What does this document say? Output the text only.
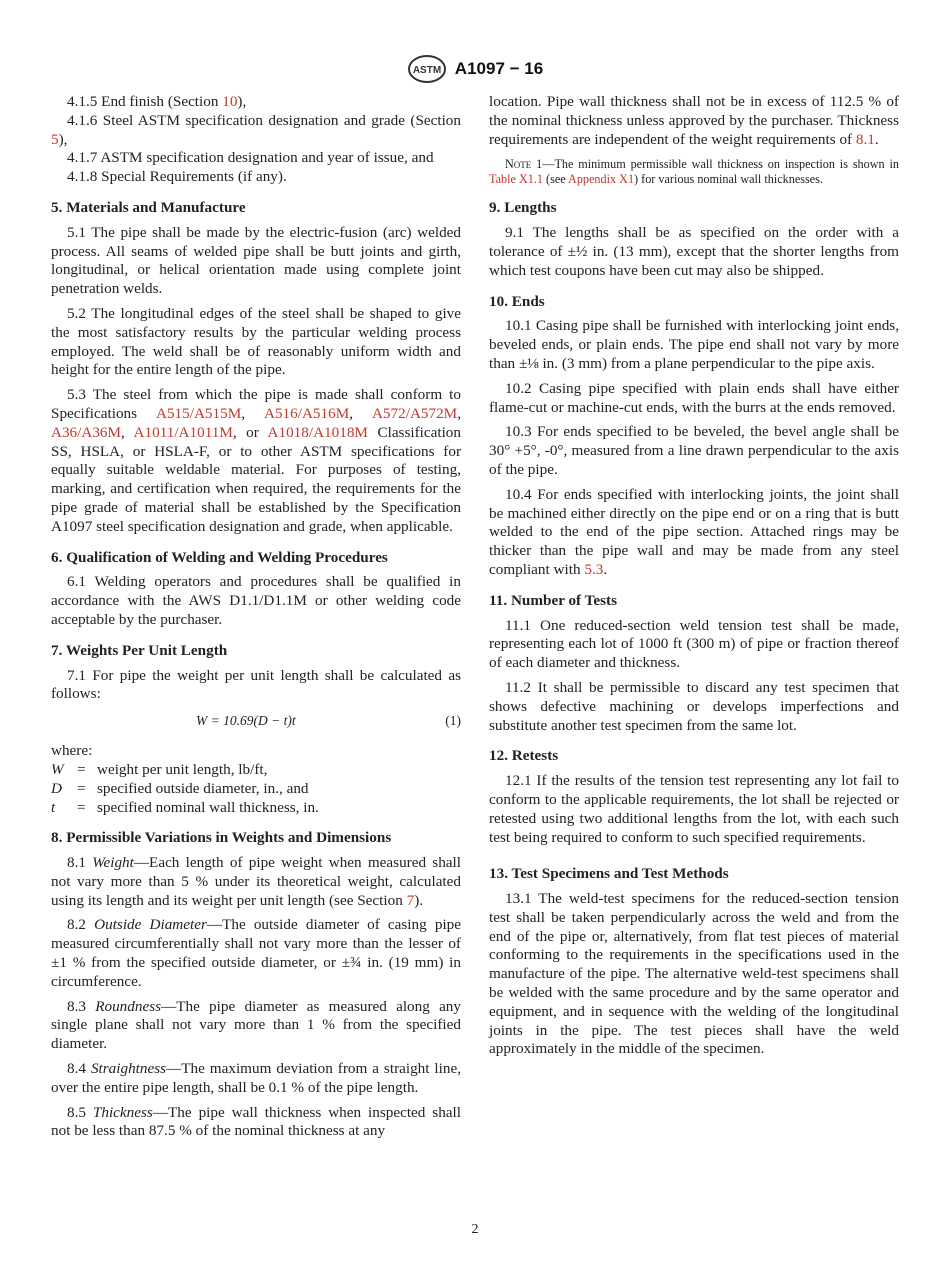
ASTM A1097 − 16

4.1.5 End finish (Section 10),

4.1.6 Steel ASTM specification designation and grade (Section 5),

4.1.7 ASTM specification designation and year of issue, and

4.1.8 Special Requirements (if any).

5. Materials and Manufacture

5.1 The pipe shall be made by the electric-fusion (arc) welded process. All seams of welded pipe shall be butt joints and girth, longitudinal, or helical orientation made using complete joint penetration welds.

5.2 The longitudinal edges of the steel shall be shaped to give the most satisfactory results by the particular welding process employed. The weld shall be of reasonably uniform width and height for the entire length of the pipe.

5.3 The steel from which the pipe is made shall conform to Specifications A515/A515M, A516/A516M, A572/A572M, A36/A36M, A1011/A1011M, or A1018/A1018M Classification SS, HSLA, or HSLA-F, or to other ASTM specifications for equally suitable weldable material. For purposes of testing, marking, and certification when required, the requirements for the pipe grade of material shall be established by the Specification A1097 steel specification designation and grade, when applicable.

6. Qualification of Welding and Welding Procedures

6.1 Welding operators and procedures shall be qualified in accordance with the AWS D1.1/D1.1M or other welding code acceptable by the purchaser.

7. Weights Per Unit Length

7.1 For pipe the weight per unit length shall be calculated as follows:

W = 10.69(D − t)t	(1)

where:

W = weight per unit length, lb/ft,
D = specified outside diameter, in., and
t	= specified nominal wall thickness, in.
8. Permissible Variations in Weights and Dimensions

8.1 Weight—Each length of pipe weight when measured shall not vary more than 5 % under its theoretical weight, calculated using its length and its weight per unit length (see Section 7).

8.2 Outside Diameter—The outside diameter of casing pipe measured circumferentially shall not vary more than the lesser of ±1 % from the specified outside diameter, or ±¾ in. (19 mm) in circumference.

8.3 Roundness—The pipe diameter as measured along any single plane shall not vary more than 1 % from the specified diameter.

8.4 Straightness—The maximum deviation from a straight line, over the entire pipe length, shall be 0.1 % of the pipe length.

8.5 Thickness—The pipe wall thickness when inspected shall not be less than 87.5 % of the nominal thickness at any

location. Pipe wall thickness shall not be in excess of 112.5 % of the nominal thickness unless approved by the purchaser. Thickness requirements are independent of the weight requirements of 8.1.

Note 1—The minimum permissible wall thickness on inspection is shown in Table X1.1 (see Appendix X1) for various nominal wall thicknesses.

9. Lengths

9.1 The lengths shall be as specified on the order with a tolerance of ±½ in. (13 mm), except that the shorter lengths from which test coupons have been cut may also be shipped.

10. Ends

10.1 Casing pipe shall be furnished with interlocking joint ends, beveled ends, or plain ends. The pipe end shall not vary by more than ±⅛ in. (3 mm) from a plane perpendicular to the pipe axis.

10.2 Casing pipe specified with plain ends shall have either flame-cut or machine-cut ends, with the burrs at the ends removed.

10.3 For ends specified to be beveled, the bevel angle shall be 30° +5°, -0°, measured from a line drawn perpendicular to the axis of the pipe.

10.4 For ends specified with interlocking joints, the joint shall be machined either directly on the pipe end or on a ring that is butt welded to the end of the pipe section. Attached rings may be thicker than the pipe wall and may be made from any steel compliant with 5.3.

11. Number of Tests

11.1 One reduced-section weld tension test shall be made, representing each lot of 1000 ft (300 m) of pipe or fraction thereof of each diameter and thickness.

11.2 It shall be permissible to discard any test specimen that shows defective machining or develops imperfections and substitute another test specimen from the same lot.

12. Retests

12.1 If the results of the tension test representing any lot fail to conform to the applicable requirements, the lot shall be rejected or retested using two additional lengths from the lot, with each such test being required to conform to such specified requirements.

13. Test Specimens and Test Methods

13.1 The weld-test specimens for the reduced-section tension test shall be taken perpendicularly across the weld and from the end of the pipe or, alternatively, from flat test pieces of material conforming to the requirements in the specifications used in the manufacture of the pipe. The alternative weld-test specimens shall be welded with the same procedure and by the same operator and equipment, and in sequence with the welding of the longitudinal joints in the pipe. The test pieces shall have the weld approximately in the middle of the specimen.

2
